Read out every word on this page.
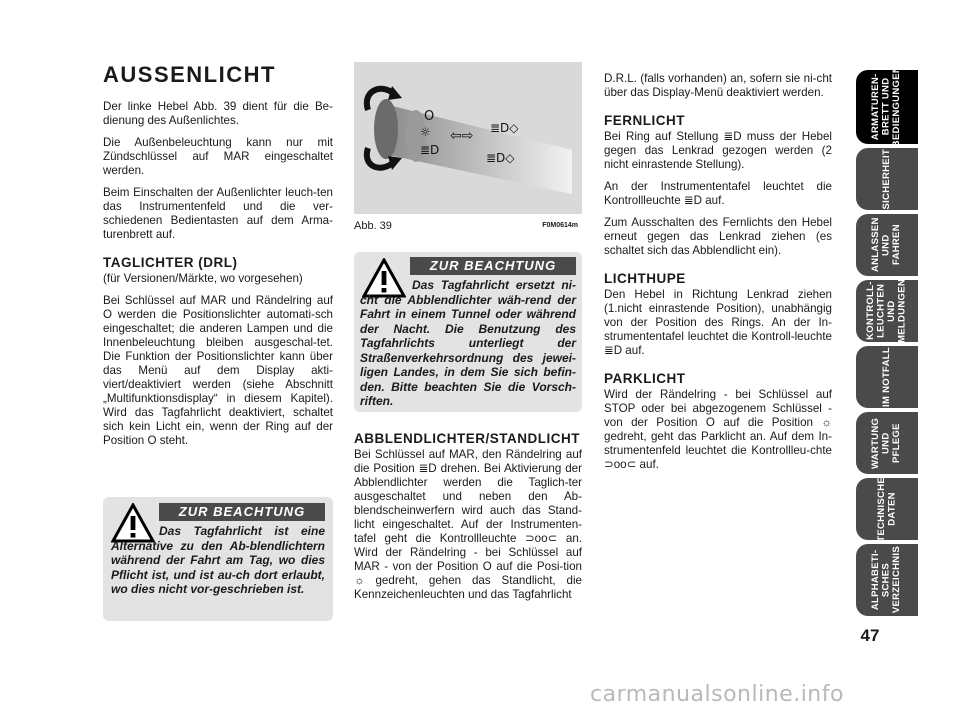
AUSSENLICHT

Der linke Hebel Abb. 39 dient für die Be-dienung des Außenlichtes.

Die Außenbeleuchtung kann nur mit Zündschlüssel auf MAR eingeschaltet werden.

Beim Einschalten der Außenlichter leuch-ten das Instrumentenfeld und die ver-schiedenen Bedientasten auf dem Arma-turenbrett auf.

TAGLICHTER (DRL)
(für Versionen/Märkte, wo vorgesehen)

Bei Schlüssel auf MAR und Rändelring auf O werden die Positionslichter automati-sch eingeschaltet; die anderen Lampen und die Innenbeleuchtung bleiben ausgeschal-tet. Die Funktion der Positionslichter kann über das Menü auf dem Display akti-viert/deaktiviert werden (siehe Abschnitt „Multifunktionsdisplay“ in diesem Kapitel). Wird das Tagfahrlicht deaktiviert, schaltet sich kein Licht ein, wenn der Ring auf der Position O steht.

ZUR BEACHTUNG

Das Tagfahrlicht ist eine Alternative zu den Ab-blendlichtern während der Fahrt am Tag, wo dies Pflicht ist, und ist au-ch dort erlaubt, wo dies nicht vor-geschrieben ist.

O
☼
≣D
⇦⇨ ≣D◇
≣D◇
Abb. 39	F0M0614m
ZUR BEACHTUNG

Das Tagfahrlicht ersetzt ni-cht die Abblendlichter wäh-rend der Fahrt in einem Tunnel oder während der Nacht. Die Benutzung des Tagfahrlichts unterliegt der Straßenverkehrsordnung des jewei-ligen Landes, in dem Sie sich befin-den. Bitte beachten Sie die Vorsch-riften.

ABBLENDLICHTER/STANDLICHT

Bei Schlüssel auf MAR, den Rändelring auf die Position ≣D drehen. Bei Aktivierung der Abblendlichter werden die Taglich-ter ausgeschaltet und neben den Ab-blendscheinwerfern wird auch das Stand-licht eingeschaltet. Auf der Instrumenten-tafel geht die Kontrollleuchte ⊃oo⊂ an. Wird der Rändelring - bei Schlüssel auf MAR - von der Position O auf die Posi-tion ☼ gedreht, gehen das Standlicht, die Kennzeichenleuchten und das Tagfahrlicht

D.R.L. (falls vorhanden) an, sofern sie ni-cht über das Display-Menü deaktiviert werden.

FERNLICHT

Bei Ring auf Stellung ≣D muss der Hebel gegen das Lenkrad gezogen werden (2 nicht einrastende Stellung).

An der Instrumententafel leuchtet die Kontrollleuchte ≣D auf.

Zum Ausschalten des Fernlichts den Hebel erneut gegen das Lenkrad ziehen (es schaltet sich das Abblendlicht ein).

LICHTHUPE

Den Hebel in Richtung Lenkrad ziehen (1.nicht einrastende Position), unabhängig von der Position des Rings. An der In-strumententafel leuchtet die Kontroll-leuchte ≣D auf.

PARKLICHT

Wird der Rändelring - bei Schlüssel auf STOP oder bei abgezogenem Schlüssel - von der Position O auf die Position ☼ gedreht, geht das Parklicht an. Auf dem In-strumentenfeld leuchtet die Kontrollleu-chte ⊃oo⊂ auf.

ARMATUREN-
BRETT UND
BEDIENGUNGEN
SICHERHEIT
ANLASSEN
UND FAHREN
KONTROLL-
LEUCHTEN UND
MELDUNGEN
IM NOTFALL
WARTUNG
UND PFLEGE
TECHNISCHE
DATEN
ALPHABETI-
SCHES
VERZEICHNIS
47
carmanualsonline.info
